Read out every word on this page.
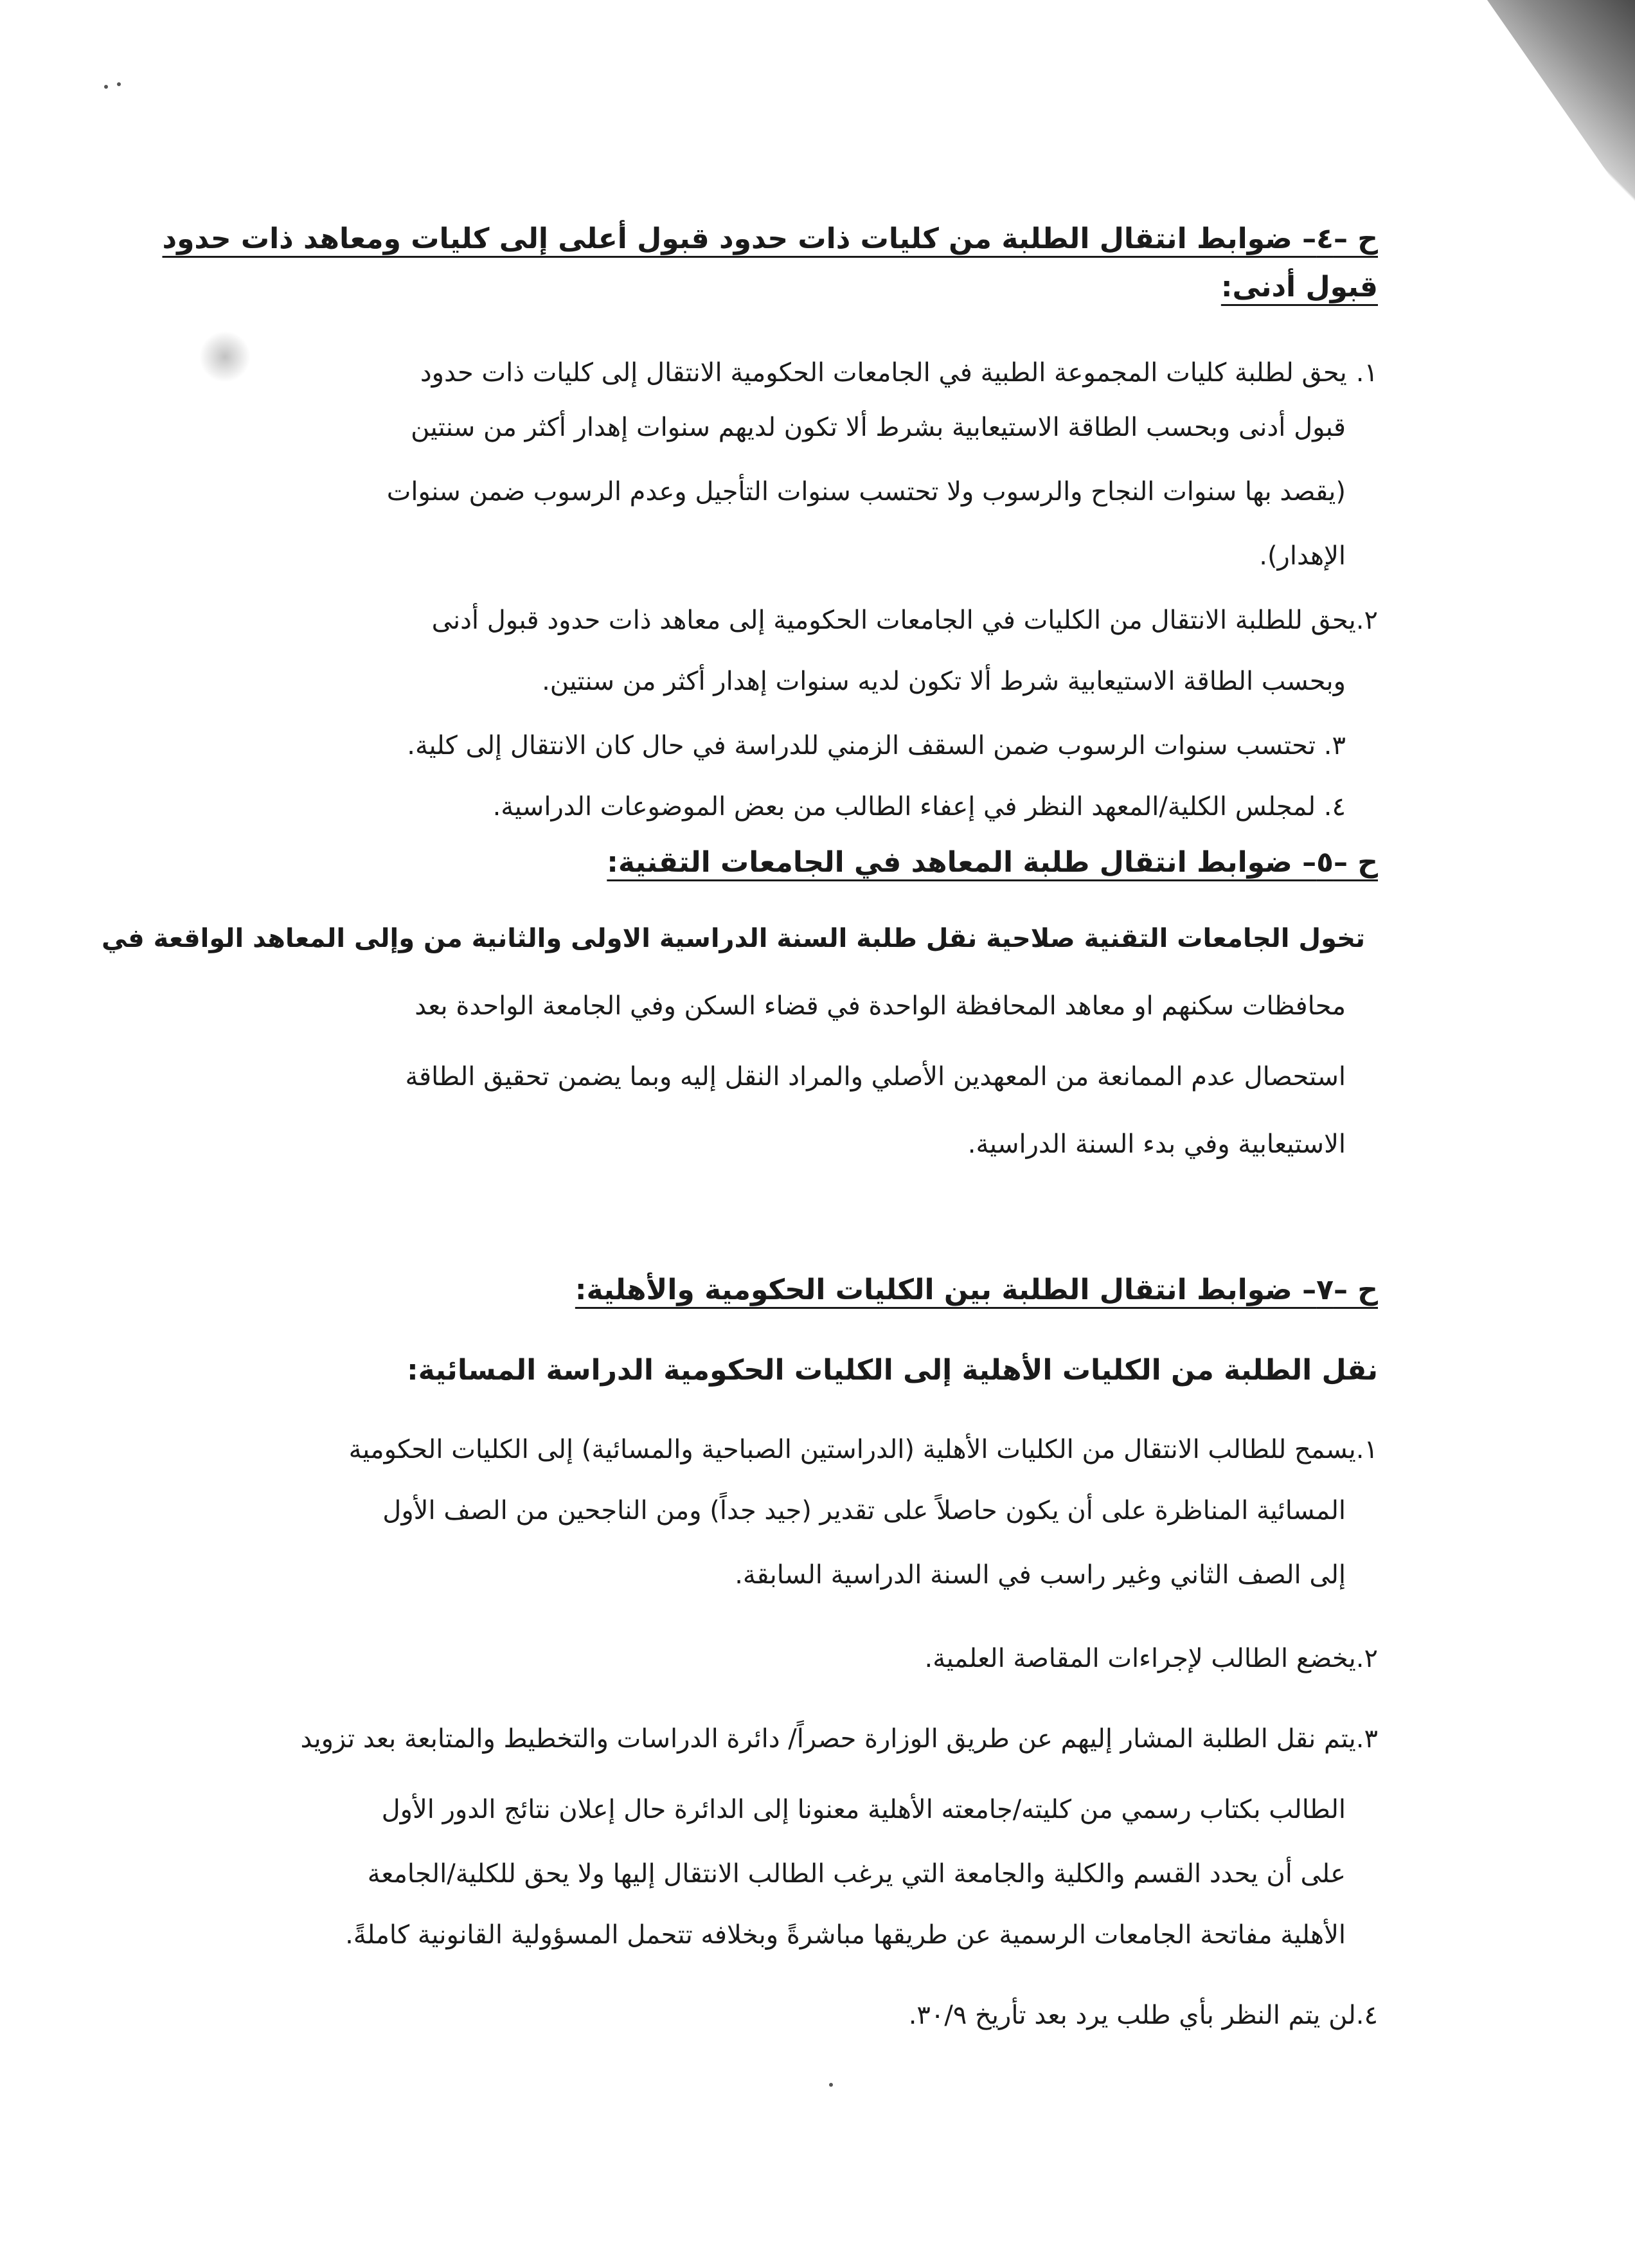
ح –٤– ضوابط انتقال الطلبة من كليات ذات حدود قبول أعلى إلى كليات ومعاهد ذات حدود
قبول أدنى:
١.يحق لطلبة كليات المجموعة الطبية في الجامعات الحكومية الانتقال إلى كليات ذات حدود
قبول أدنى وبحسب الطاقة الاستيعابية بشرط ألا تكون لديهم سنوات إهدار أكثر من سنتين
(يقصد بها سنوات النجاح والرسوب ولا تحتسب سنوات التأجيل وعدم الرسوب ضمن سنوات
الإهدار).
٢.يحق للطلبة الانتقال من الكليات في الجامعات الحكومية إلى معاهد ذات حدود قبول أدنى
وبحسب الطاقة الاستيعابية شرط ألا تكون لديه سنوات إهدار أكثر من سنتين.
٣. تحتسب سنوات الرسوب ضمن السقف الزمني للدراسة في حال كان الانتقال إلى كلية.
٤. لمجلس الكلية/المعهد النظر في إعفاء الطالب من بعض الموضوعات الدراسية.
ح –٥– ضوابط انتقال طلبة المعاهد في الجامعات التقنية:
تخول الجامعات التقنية صلاحية نقل طلبة السنة الدراسية الاولى والثانية من وإلى المعاهد الواقعة في
محافظات سكنهم او معاهد المحافظة الواحدة في قضاء السكن وفي الجامعة الواحدة بعد
استحصال عدم الممانعة من المعهدين الأصلي والمراد النقل إليه وبما يضمن تحقيق الطاقة
الاستيعابية وفي بدء السنة الدراسية.
ح –٧– ضوابط انتقال الطلبة بين الكليات الحكومية والأهلية:
نقل الطلبة من الكليات الأهلية إلى الكليات الحكومية الدراسة المسائية:
١.يسمح للطالب الانتقال من الكليات الأهلية (الدراستين الصباحية والمسائية) إلى الكليات الحكومية
المسائية المناظرة على أن يكون حاصلاً على تقدير (جيد جداً) ومن الناجحين من الصف الأول
إلى الصف الثاني وغير راسب في السنة الدراسية السابقة.
٢.يخضع الطالب لإجراءات المقاصة العلمية.
٣.يتم نقل الطلبة المشار إليهم عن طريق الوزارة حصراً/ دائرة الدراسات والتخطيط والمتابعة بعد تزويد
الطالب بكتاب رسمي من كليته/جامعته الأهلية معنونا إلى الدائرة حال إعلان نتائج الدور الأول
على أن يحدد القسم والكلية والجامعة التي يرغب الطالب الانتقال إليها ولا يحق للكلية/الجامعة
الأهلية مفاتحة الجامعات الرسمية عن طريقها مباشرةً وبخلافه تتحمل المسؤولية القانونية كاملةً.
٤.لن يتم النظر بأي طلب يرد بعد تأريخ ٣٠/٩.
